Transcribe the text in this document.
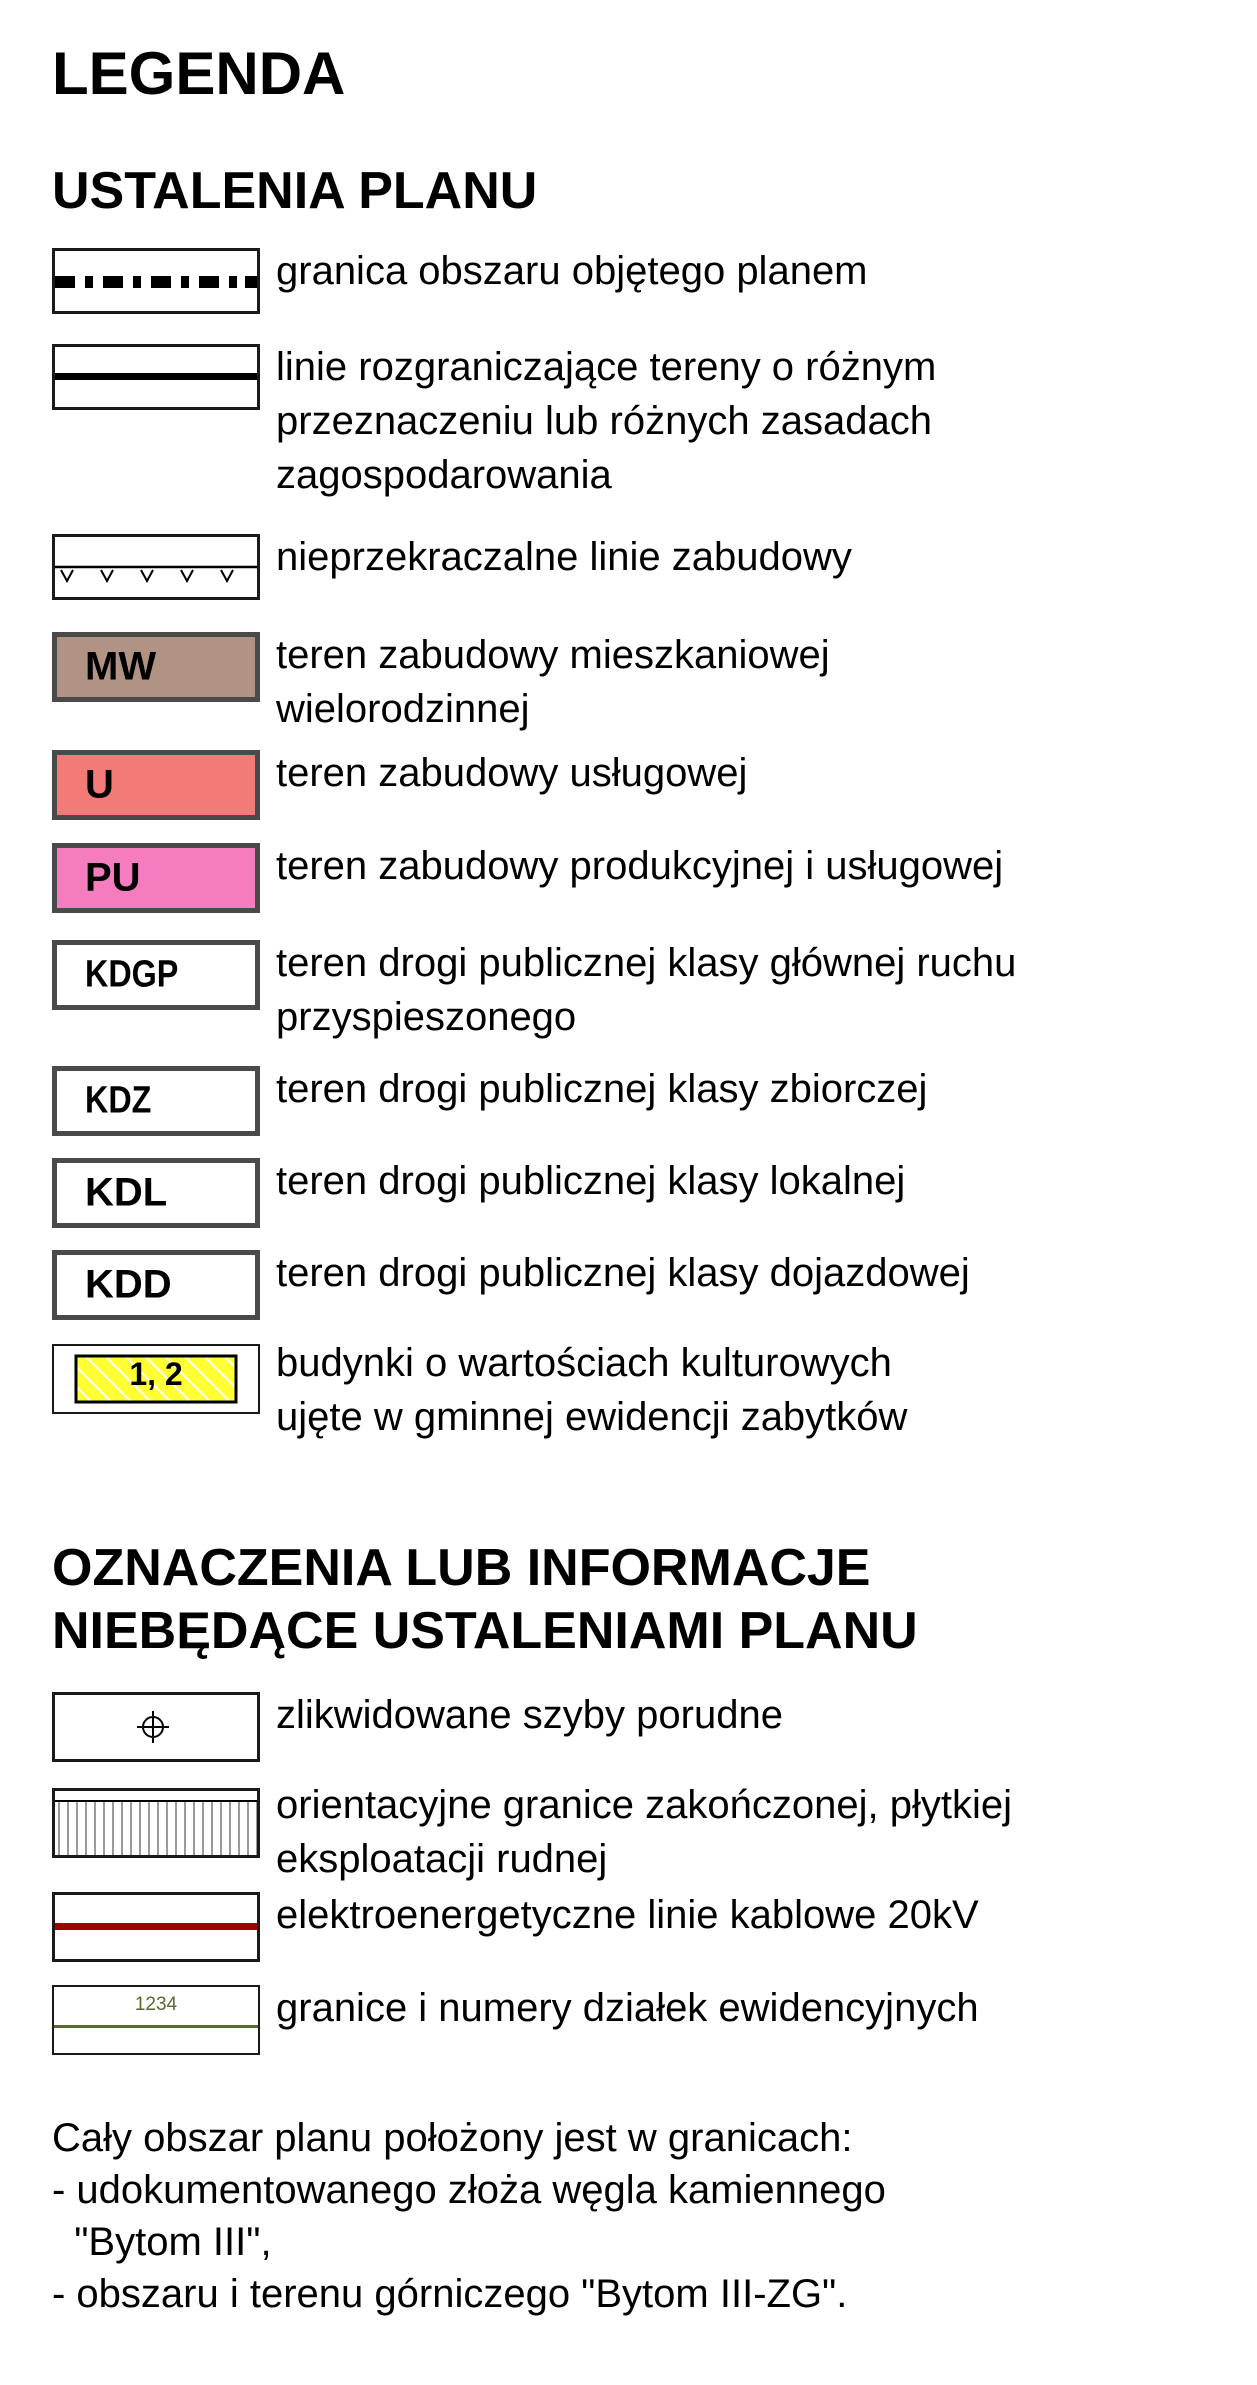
LEGENDA
USTALENIA PLANU
granica obszaru objętego planem
linie rozgraniczające tereny o różnym
przeznaczeniu lub różnych zasadach
zagospodarowania
nieprzekraczalne linie zabudowy
MW	teren zabudowy mieszkaniowej
wielorodzinnej
U	teren zabudowy usługowej
PU	teren zabudowy produkcyjnej i usługowej
KDGP teren drogi publicznej klasy głównej ruchu
przyspieszonego
KDZ	teren drogi publicznej klasy zbiorczej
KDL	teren drogi publicznej klasy lokalnej
KDD	teren drogi publicznej klasy dojazdowej
1, 2	budynki o wartościach kulturowych
ujęte w gminnej ewidencji zabytków
OZNACZENIA LUB INFORMACJE
NIEBĘDĄCE USTALENIAMI PLANU
zlikwidowane szyby porudne
orientacyjne granice zakończonej, płytkiej
eksploatacji rudnej
elektroenergetyczne linie kablowe 20kV
1234	granice i numery działek ewidencyjnych
Cały obszar planu położony jest w granicach:
- udokumentowanego złoża węgla kamiennego
"Bytom III",
- obszaru i terenu górniczego "Bytom III-ZG".
